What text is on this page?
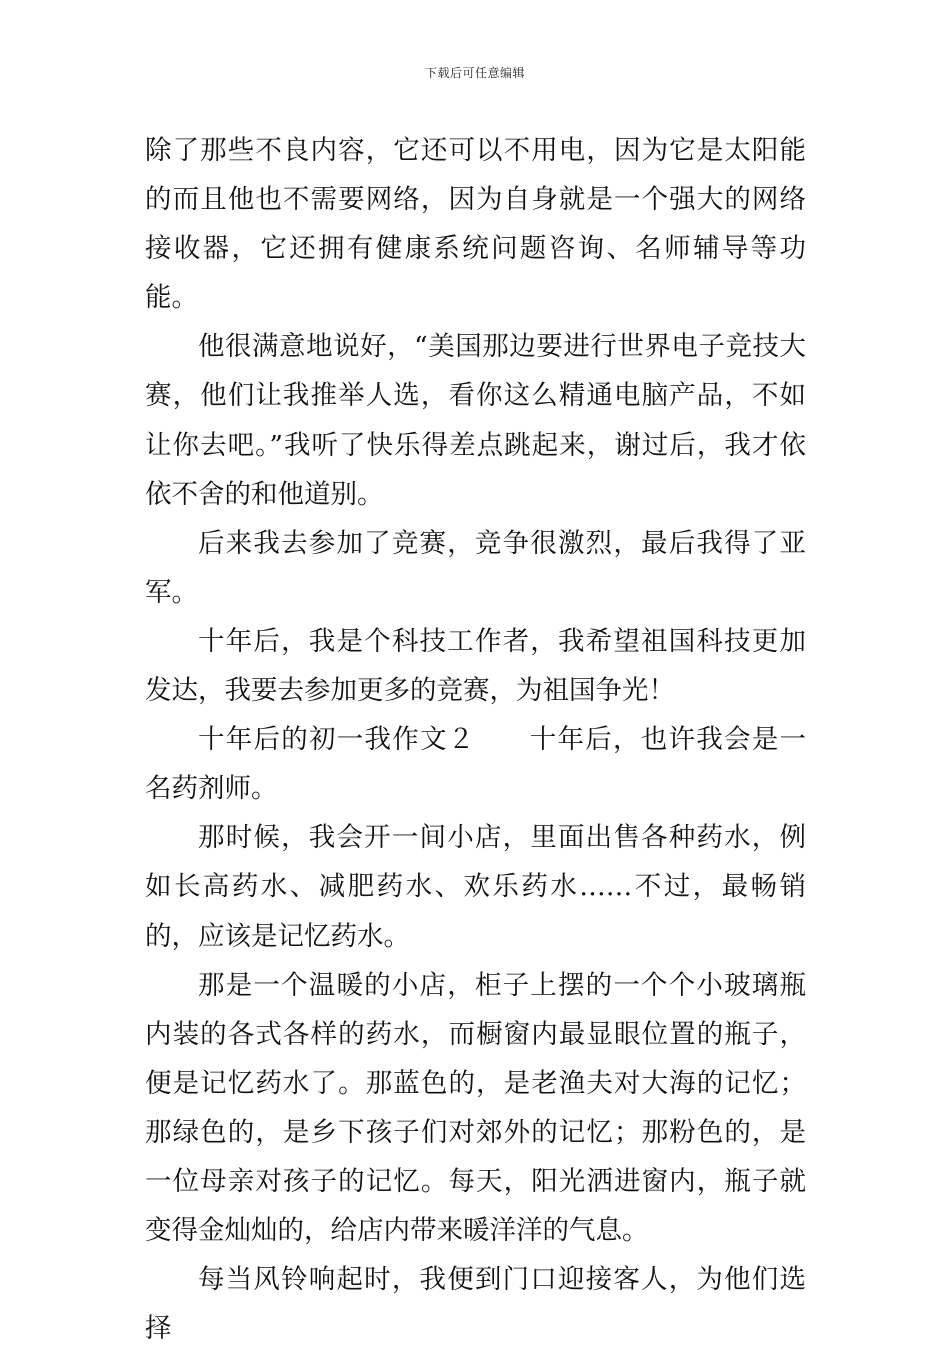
下载后可任意编辑

除了那些不良内容，它还可以不用电，因为它是太阳能的而且他也不需要网络，因为自身就是一个强大的网络接收器，它还拥有健康系统问题咨询、名师辅导等功能。

他很满意地说好，“美国那边要进行世界电子竞技大赛，他们让我推举人选，看你这么精通电脑产品，不如让你去吧。”我听了快乐得差点跳起来，谢过后，我才依依不舍的和他道别。

后来我去参加了竞赛，竞争很激烈，最后我得了亚军。

十年后，我是个科技工作者，我希望祖国科技更加发达，我要去参加更多的竞赛，为祖国争光！

十年后的初一我作文２ 十年后，也许我会是一名药剂师。

那时候，我会开一间小店，里面出售各种药水，例如长高药水、减肥药水、欢乐药水……不过，最畅销的，应该是记忆药水。

那是一个温暖的小店，柜子上摆的一个个小玻璃瓶内装的各式各样的药水，而橱窗内最显眼位置的瓶子，便是记忆药水了。那蓝色的，是老渔夫对大海的记忆；那绿色的，是乡下孩子们对郊外的记忆；那粉色的，是一位母亲对孩子的记忆。每天，阳光洒进窗内，瓶子就变得金灿灿的，给店内带来暖洋洋的气息。

每当风铃响起时，我便到门口迎接客人，为他们选择
